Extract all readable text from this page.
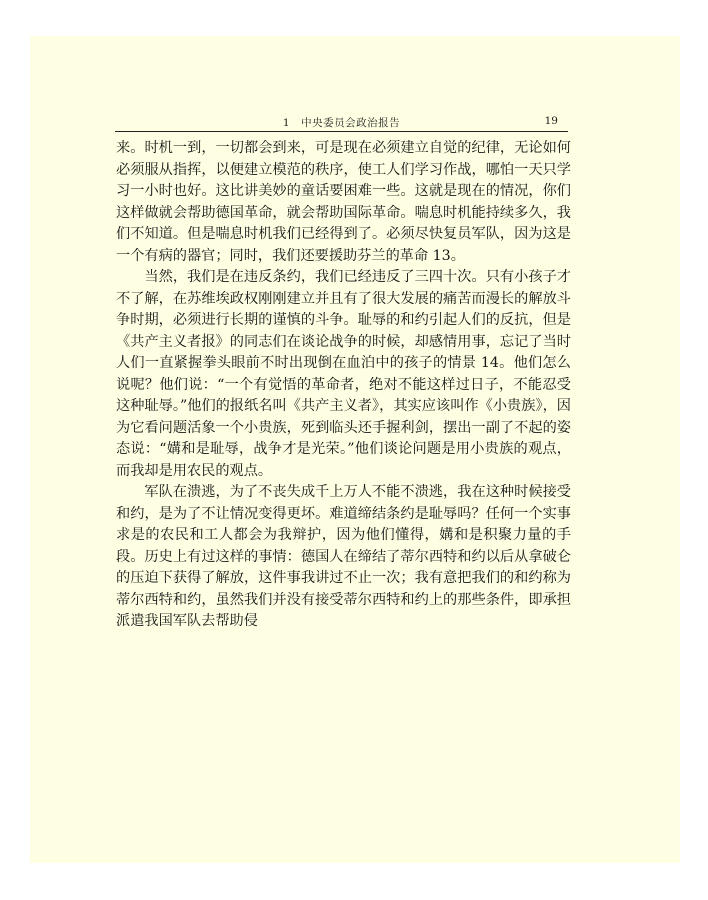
1　中央委员会政治报告	19

来。时机一到，一切都会到来，可是现在必须建立自觉的纪律，无论如何必须服从指挥，以便建立模范的秩序，使工人们学习作战，哪怕一天只学习一小时也好。这比讲美妙的童话要困难一些。这就是现在的情况，你们这样做就会帮助德国革命，就会帮助国际革命。喘息时机能持续多久，我们不知道。但是喘息时机我们已经得到了。必须尽快复员军队，因为这是一个有病的器官；同时，我们还要援助芬兰的革命 13。

当然，我们是在违反条约，我们已经违反了三四十次。只有小孩子才不了解，在苏维埃政权刚刚建立并且有了很大发展的痛苦而漫长的解放斗争时期，必须进行长期的谨慎的斗争。耻辱的和约引起人们的反抗，但是《共产主义者报》的同志们在谈论战争的时候，却感情用事，忘记了当时人们一直紧握拳头眼前不时出现倒在血泊中的孩子的情景 14。他们怎么说呢？他们说：“一个有觉悟的革命者，绝对不能这样过日子，不能忍受这种耻辱。”他们的报纸名叫《共产主义者》，其实应该叫作《小贵族》，因为它看问题活象一个小贵族，死到临头还手握利剑，摆出一副了不起的姿态说：“媾和是耻辱，战争才是光荣。”他们谈论问题是用小贵族的观点，而我却是用农民的观点。

军队在溃逃，为了不丧失成千上万人不能不溃逃，我在这种时候接受和约，是为了不让情况变得更坏。难道缔结条约是耻辱吗？任何一个实事求是的农民和工人都会为我辩护，因为他们懂得，媾和是积聚力量的手段。历史上有过这样的事情：德国人在缔结了蒂尔西特和约以后从拿破仑的压迫下获得了解放，这件事我讲过不止一次；我有意把我们的和约称为蒂尔西特和约，虽然我们并没有接受蒂尔西特和约上的那些条件，即承担派遣我国军队去帮助侵
